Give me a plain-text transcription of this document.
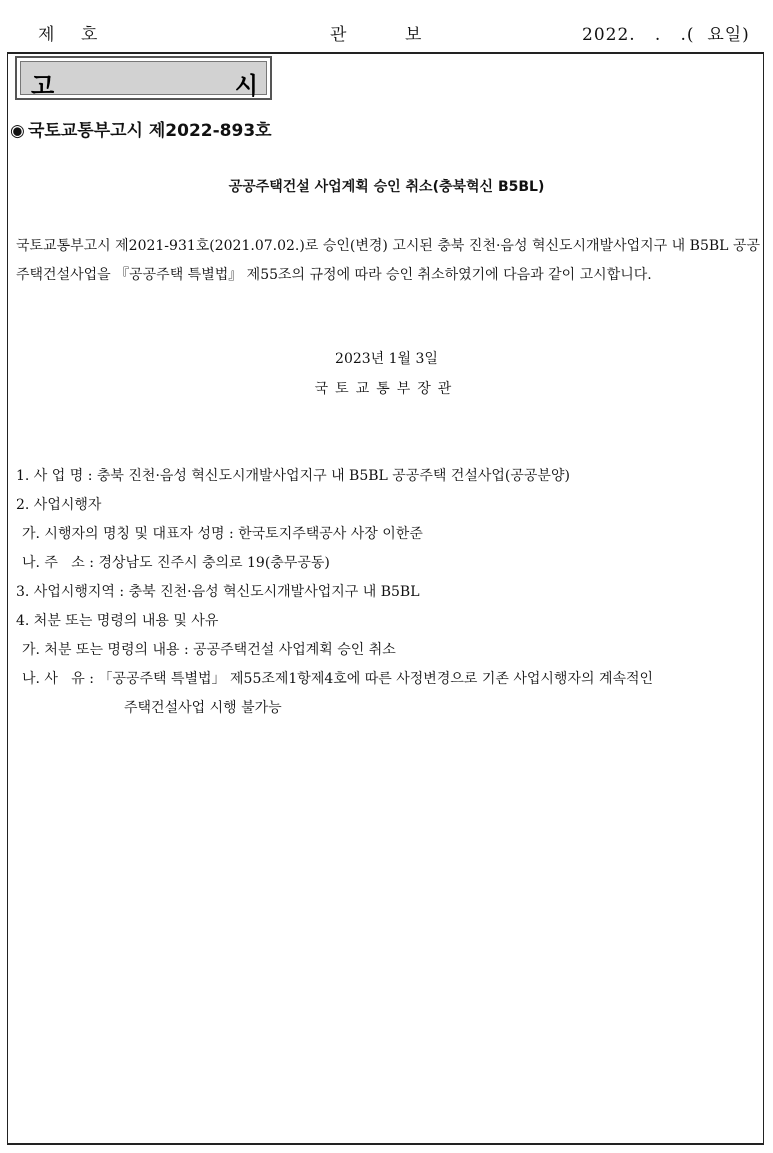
제    호	관         보	2022.   .   .(  요일)
고	시
◉ 국토교통부고시 제2022-893호
공공주택건설 사업계획 승인 취소(충북혁신 B5BL)
국토교통부고시 제2021-931호(2021.07.02.)로 승인(변경) 고시된 충북 진천·음성 혁신도시개발사업지구 내 B5BL 공공주택건설사업을 『공공주택 특별법』 제55조의 규정에 따라 승인 취소하였기에 다음과 같이 고시합니다.
2023년 1월 3일
국토교통부장관
1. 사 업 명 : 충북 진천·음성 혁신도시개발사업지구 내 B5BL 공공주택 건설사업(공공분양)
2. 사업시행자
가. 시행자의 명칭 및 대표자 성명 : 한국토지주택공사 사장 이한준
나. 주   소 : 경상남도 진주시 충의로 19(충무공동)
3. 사업시행지역 : 충북 진천·음성 혁신도시개발사업지구 내 B5BL
4. 처분 또는 명령의 내용 및 사유
가. 처분 또는 명령의 내용 : 공공주택건설 사업계획 승인 취소
나. 사   유 : 「공공주택 특별법」 제55조제1항제4호에 따른 사정변경으로 기존 사업시행자의 계속적인
주택건설사업 시행 불가능
